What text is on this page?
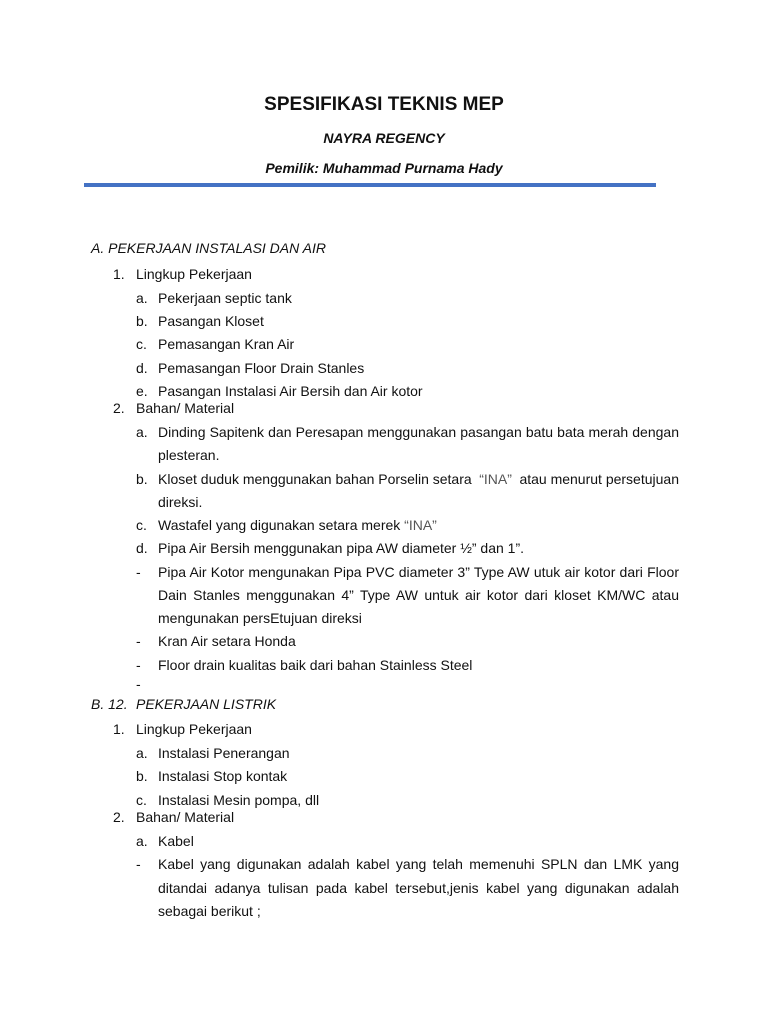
SPESIFIKASI TEKNIS MEP
NAYRA REGENCY
Pemilik: Muhammad Purnama Hady
A. PEKERJAAN INSTALASI DAN AIR
1. Lingkup Pekerjaan
a. Pekerjaan septic tank
b. Pasangan Kloset
c. Pemasangan Kran Air
d. Pemasangan Floor Drain Stanles
e. Pasangan Instalasi Air Bersih dan Air kotor
2. Bahan/ Material
a. Dinding Sapitenk dan Peresapan menggunakan pasangan batu bata merah dengan
plesteran.
b. Kloset duduk menggunakan bahan Porselin setara “INA” atau menurut persetujuan
direksi.
c. Wastafel yang digunakan setara merek “INA”
d. Pipa Air Bersih menggunakan pipa AW diameter ½” dan 1”.
- Pipa Air Kotor mengunakan Pipa PVC diameter 3” Type AW utuk air kotor dari Floor
Dain Stanles menggunakan 4” Type AW untuk air kotor dari kloset KM/WC atau
mengunakan persEtujuan direksi
- Kran Air setara Honda
- Floor drain kualitas baik dari bahan Stainless Steel
-
B. 12. PEKERJAAN LISTRIK
1. Lingkup Pekerjaan
a. Instalasi Penerangan
b. Instalasi Stop kontak
c. Instalasi Mesin pompa, dll
2. Bahan/ Material
a. Kabel
- Kabel yang digunakan adalah kabel yang telah memenuhi SPLN dan LMK yang
ditandai adanya tulisan pada kabel tersebut,jenis kabel yang digunakan adalah
sebagai berikut ;
